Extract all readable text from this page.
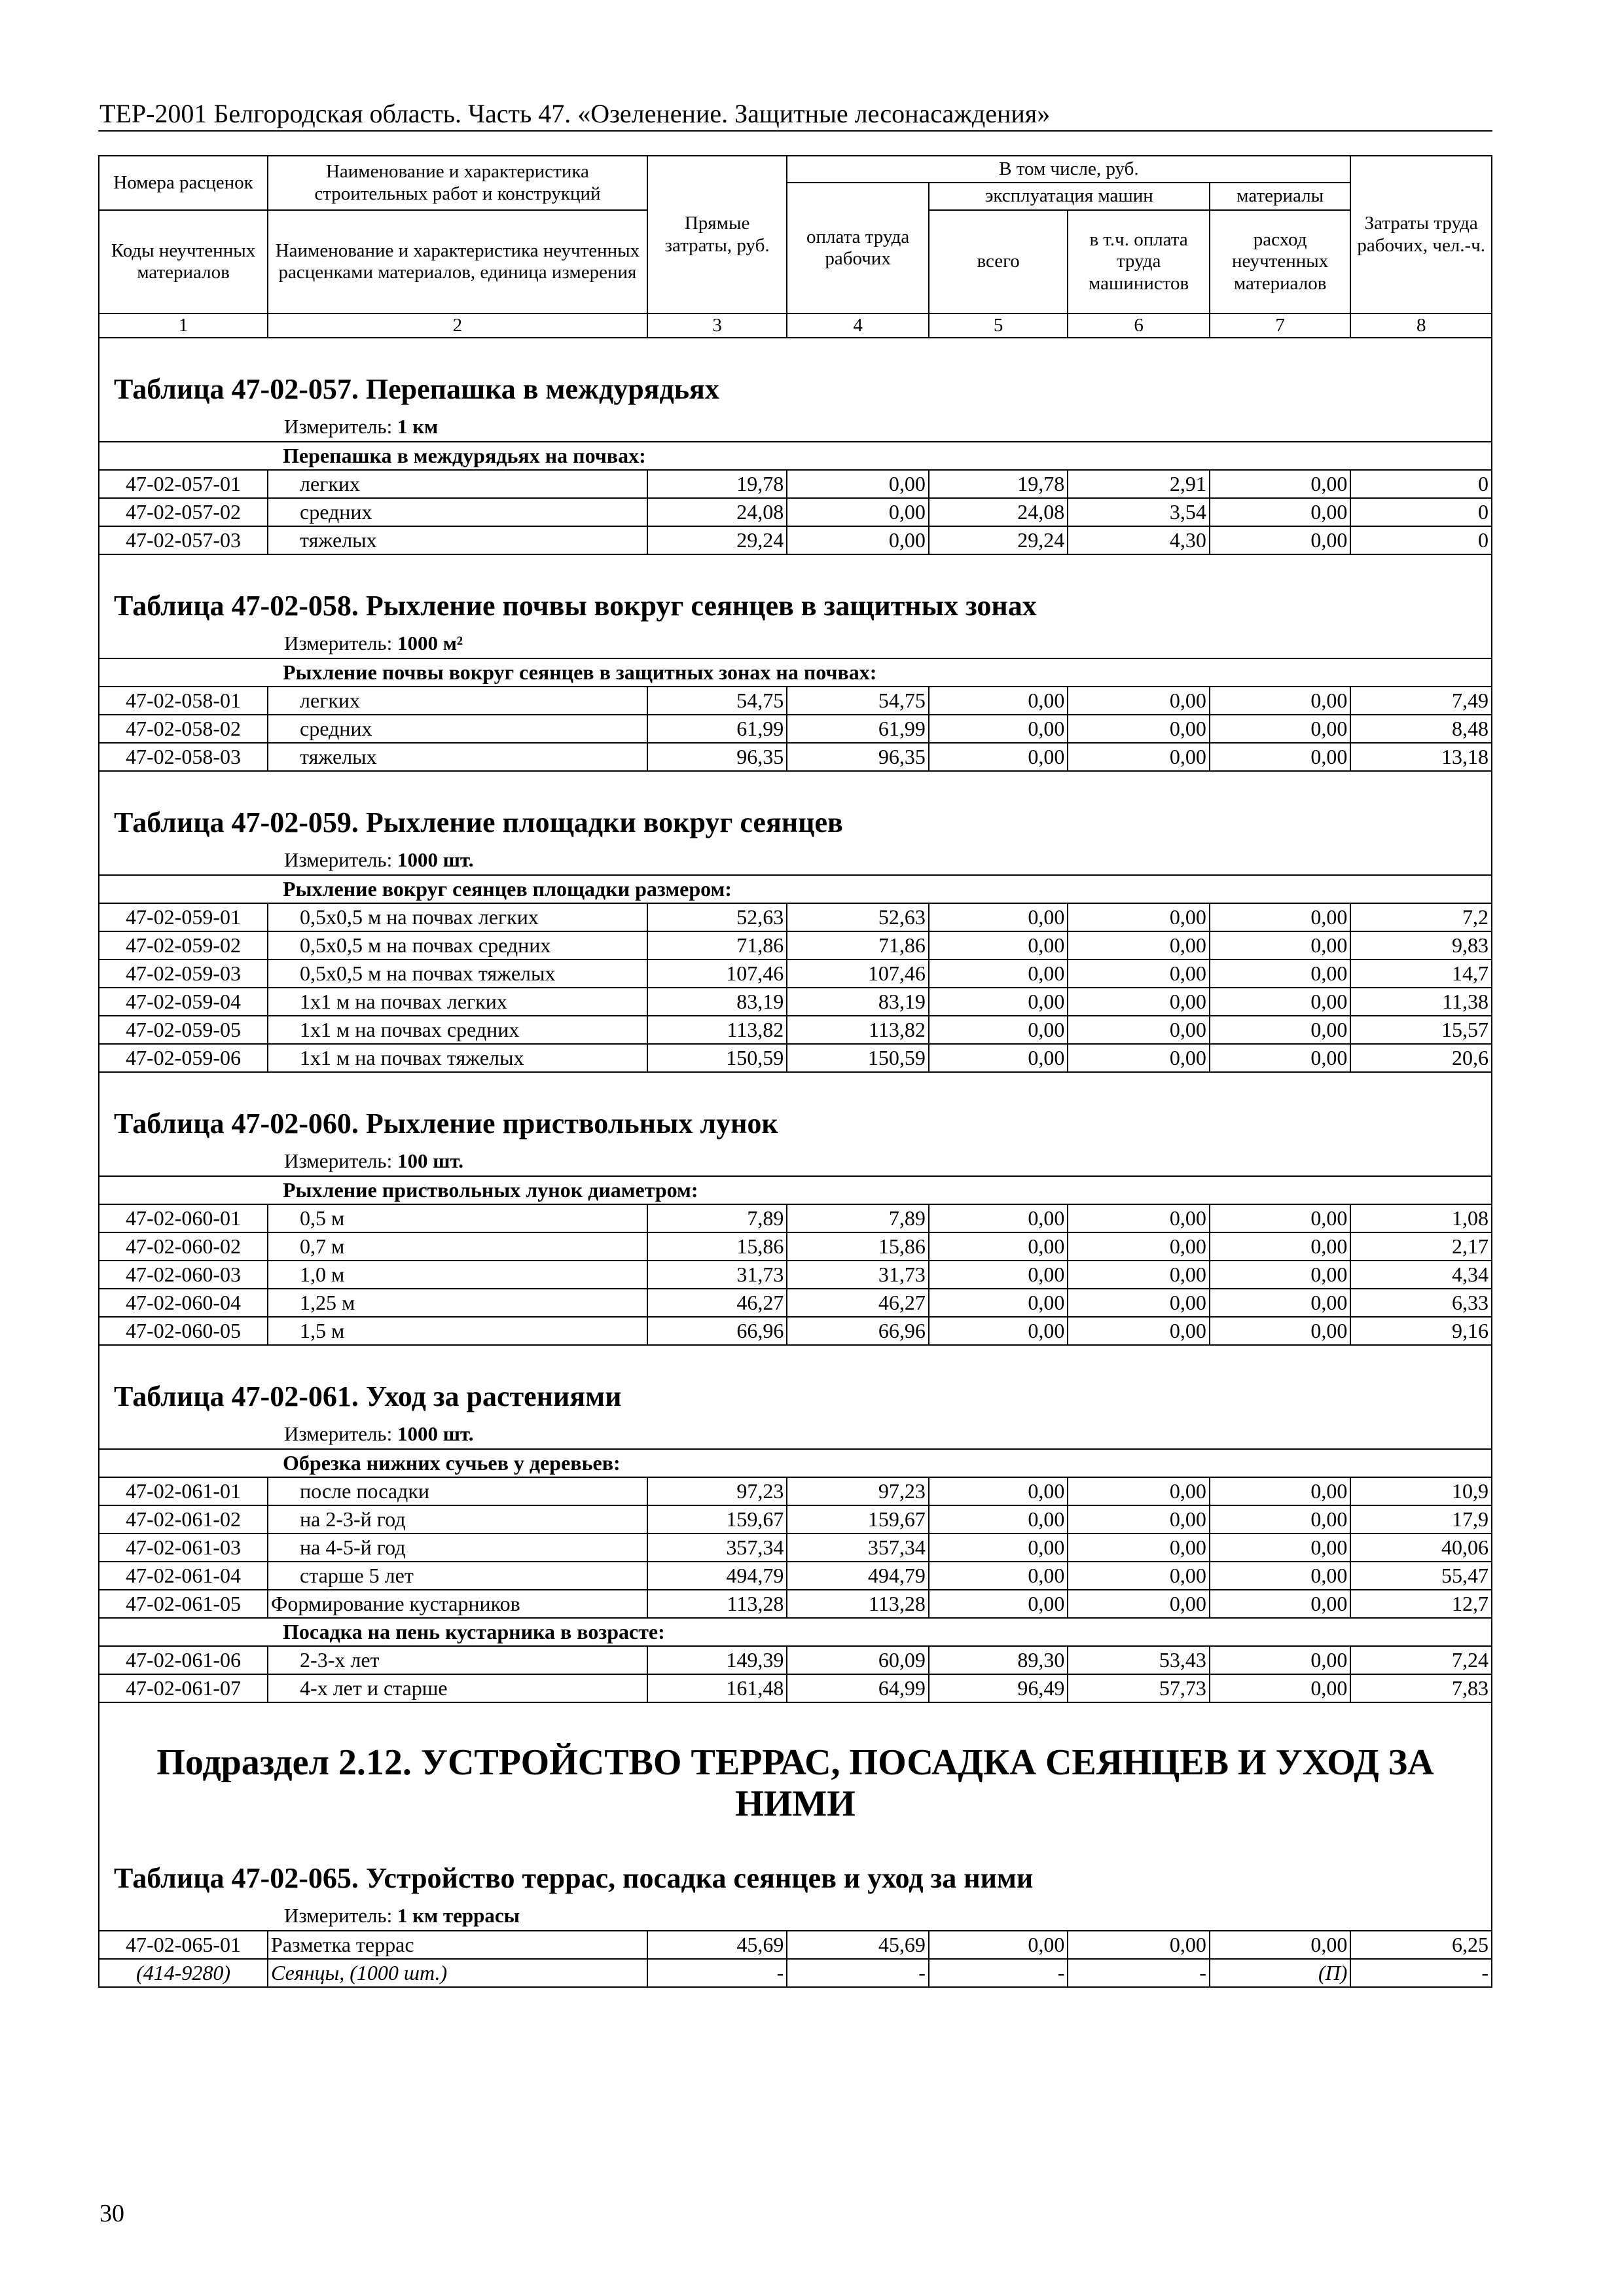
ТЕР-2001 Белгородская область. Часть 47. «Озеленение. Защитные лесонасаждения»
Номера расценок	Наименование и характеристика строительных работ и конструкций	Прямые затраты, руб.	В том числе, руб.				Затраты труда рабочих, чел.-ч.
			оплата труда рабочих	эксплуатация машин		материалы	
Коды неучтенных материалов	Наименование и характеристика неучтенных расценками материалов, единица измерения			всего	в т.ч. оплата труда машинистов	расход неучтенных материалов	
1	2	3	4	5	6	7	8
Таблица 47-02-057. Перепашка в междурядьях
Измеритель: 1 км
Перепашка в междурядьях на почвах:							
47-02-057-01	легких	19,78	0,00	19,78	2,91	0,00	0
47-02-057-02	средних	24,08	0,00	24,08	3,54	0,00	0
47-02-057-03	тяжелых	29,24	0,00	29,24	4,30	0,00	0
Таблица 47-02-058. Рыхление почвы вокруг сеянцев в защитных зонах
Измеритель: 1000 м²
Рыхление почвы вокруг сеянцев в защитных зонах на почвах:							
47-02-058-01	легких	54,75	54,75	0,00	0,00	0,00	7,49
47-02-058-02	средних	61,99	61,99	0,00	0,00	0,00	8,48
47-02-058-03	тяжелых	96,35	96,35	0,00	0,00	0,00	13,18
Таблица 47-02-059. Рыхление площадки вокруг сеянцев
Измеритель: 1000 шт.
Рыхление вокруг сеянцев площадки размером:							
47-02-059-01	0,5х0,5 м на почвах легких	52,63	52,63	0,00	0,00	0,00	7,2
47-02-059-02	0,5х0,5 м на почвах средних	71,86	71,86	0,00	0,00	0,00	9,83
47-02-059-03	0,5х0,5 м на почвах тяжелых	107,46	107,46	0,00	0,00	0,00	14,7
47-02-059-04	1х1 м на почвах легких	83,19	83,19	0,00	0,00	0,00	11,38
47-02-059-05	1х1 м на почвах средних	113,82	113,82	0,00	0,00	0,00	15,57
47-02-059-06	1х1 м на почвах тяжелых	150,59	150,59	0,00	0,00	0,00	20,6
Таблица 47-02-060. Рыхление приствольных лунок
Измеритель: 100 шт.
Рыхление приствольных лунок диаметром:							
47-02-060-01	0,5 м	7,89	7,89	0,00	0,00	0,00	1,08
47-02-060-02	0,7 м	15,86	15,86	0,00	0,00	0,00	2,17
47-02-060-03	1,0 м	31,73	31,73	0,00	0,00	0,00	4,34
47-02-060-04	1,25 м	46,27	46,27	0,00	0,00	0,00	6,33
47-02-060-05	1,5 м	66,96	66,96	0,00	0,00	0,00	9,16
Таблица 47-02-061. Уход за растениями
Измеритель: 1000 шт.
Обрезка нижних сучьев у деревьев:							
47-02-061-01	после посадки	97,23	97,23	0,00	0,00	0,00	10,9
47-02-061-02	на 2-3-й год	159,67	159,67	0,00	0,00	0,00	17,9
47-02-061-03	на 4-5-й год	357,34	357,34	0,00	0,00	0,00	40,06
47-02-061-04	старше 5 лет	494,79	494,79	0,00	0,00	0,00	55,47
47-02-061-05	Формирование кустарников	113,28	113,28	0,00	0,00	0,00	12,7
Посадка на пень кустарника в возрасте:							
47-02-061-06	2-3-х лет	149,39	60,09	89,30	53,43	0,00	7,24
47-02-061-07	4-х лет и старше	161,48	64,99	96,49	57,73	0,00	7,83
Подраздел 2.12. УСТРОЙСТВО ТЕРРАС, ПОСАДКА СЕЯНЦЕВ И УХОД ЗА НИМИ
Таблица 47-02-065. Устройство террас, посадка сеянцев и уход за ними
Измеритель: 1 км террасы
47-02-065-01	Разметка террас	45,69	45,69	0,00	0,00	0,00	6,25
(414-9280)	Сеянцы, (1000 шт.)	-	-	-	-	(П)	-
30
